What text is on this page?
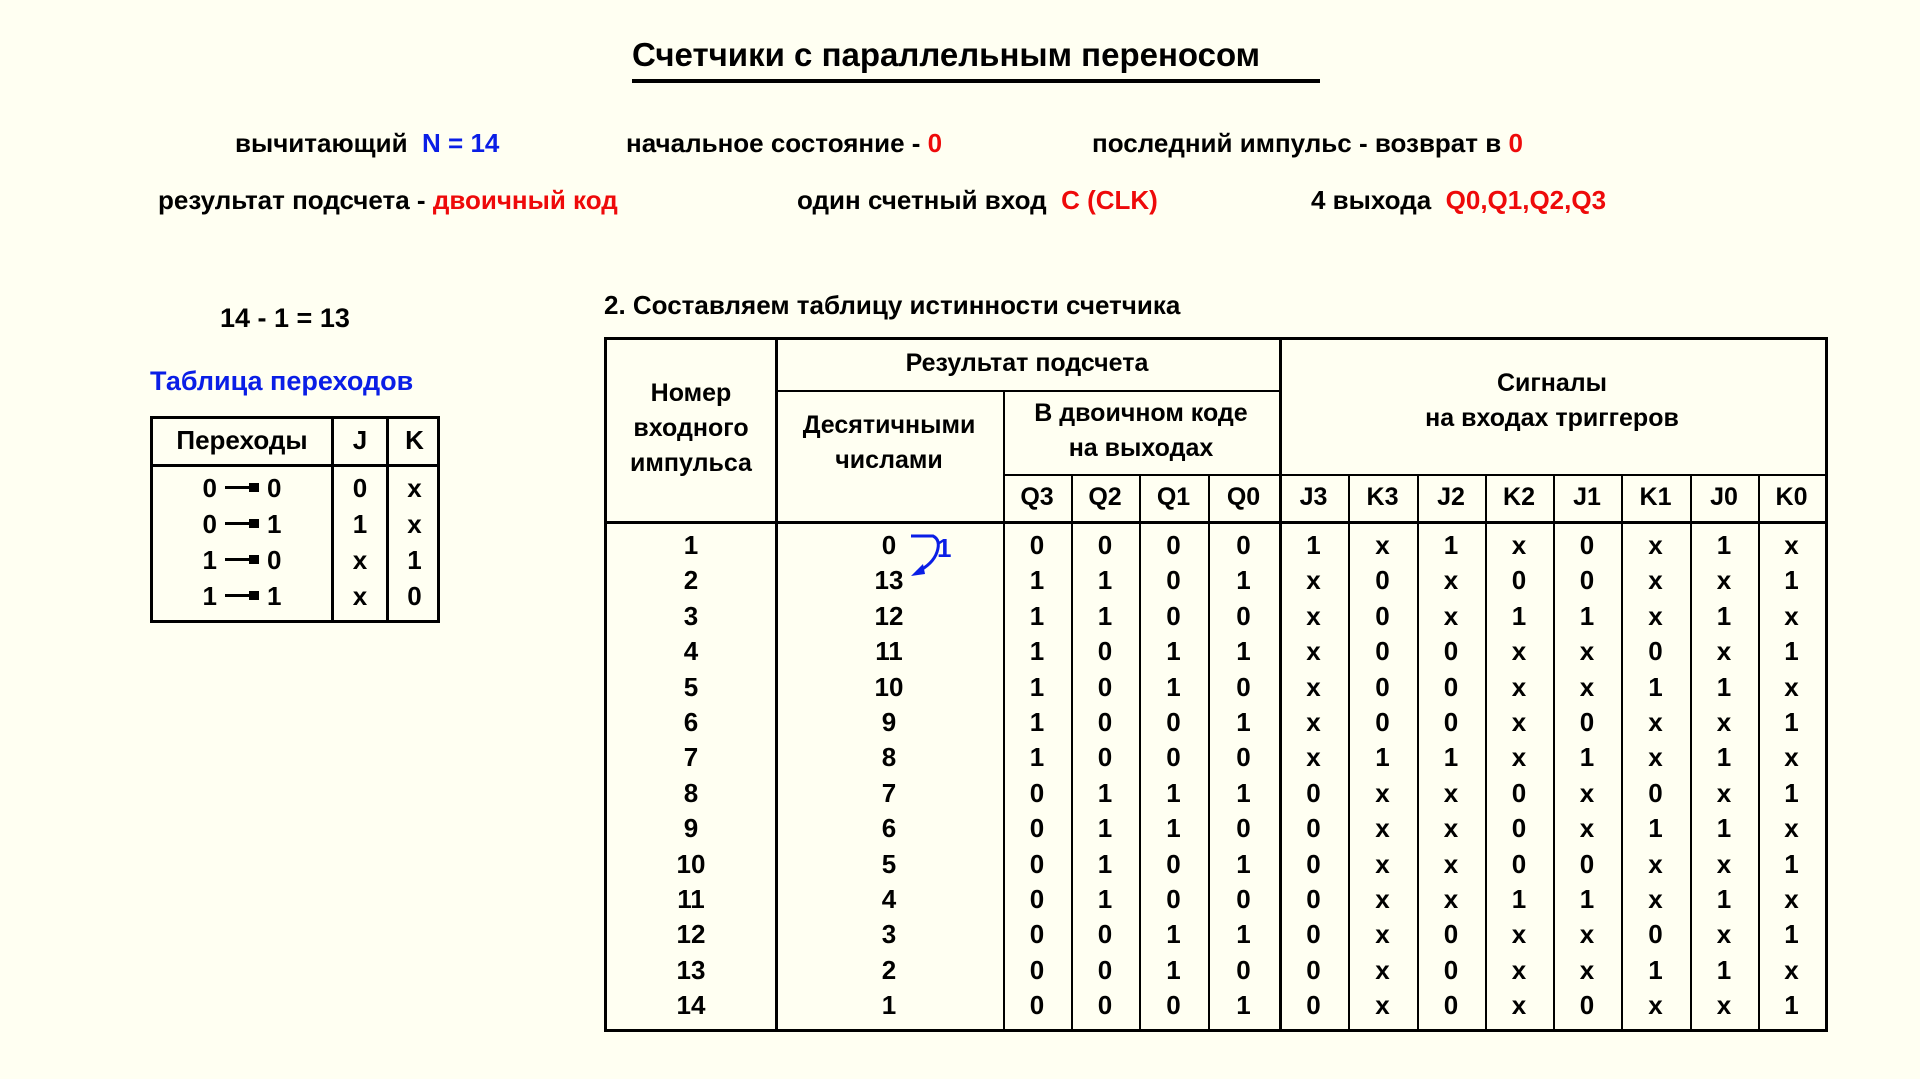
Счетчики с параллельным переносом
вычитающий N = 14	начальное состояние - 0	последний импульс - возврат в 0
результат подсчета - двоичный код	один счетный вход C (CLK)	4 выхода Q0,Q1,Q2,Q3
14 - 1 = 13
Таблица переходов
Переходы	J	K
0 0	0	x
0 1	1	x
1 0	x	1
1 1	x	0
2. Составляем таблицу истинности счетчика
Номер
входного
импульса
Результат подсчета
Десятичными
числами
В двоичном коде
на выходах
Сигналы
на входах триггеров
Q3	Q2	Q1	Q0	J3	K3	J2	K2	J1	K1	J0	K0
1	0	0	0	0	0	1	x	1	x	0	x	1	x
2	13	1	1	0	1	x	0	x	0	0	x	x	1
3	12	1	1	0	0	x	0	x	1	1	x	1	x
4	11	1	0	1	1	x	0	0	x	x	0	x	1
5	10	1	0	1	0	x	0	0	x	x	1	1	x
6	9	1	0	0	1	x	0	0	x	0	x	x	1
7	8	1	0	0	0	x	1	1	x	1	x	1	x
8	7	0	1	1	1	0	x	x	0	x	0	x	1
9	6	0	1	1	0	0	x	x	0	x	1	1	x
10	5	0	1	0	1	0	x	x	0	0	x	x	1
11	4	0	1	0	0	0	x	x	1	1	x	1	x
12	3	0	0	1	1	0	x	0	x	x	0	x	1
13	2	0	0	1	0	0	x	0	x	x	1	1	x
14	1	0	0	0	1	0	x	0	x	0	x	x	1
1
